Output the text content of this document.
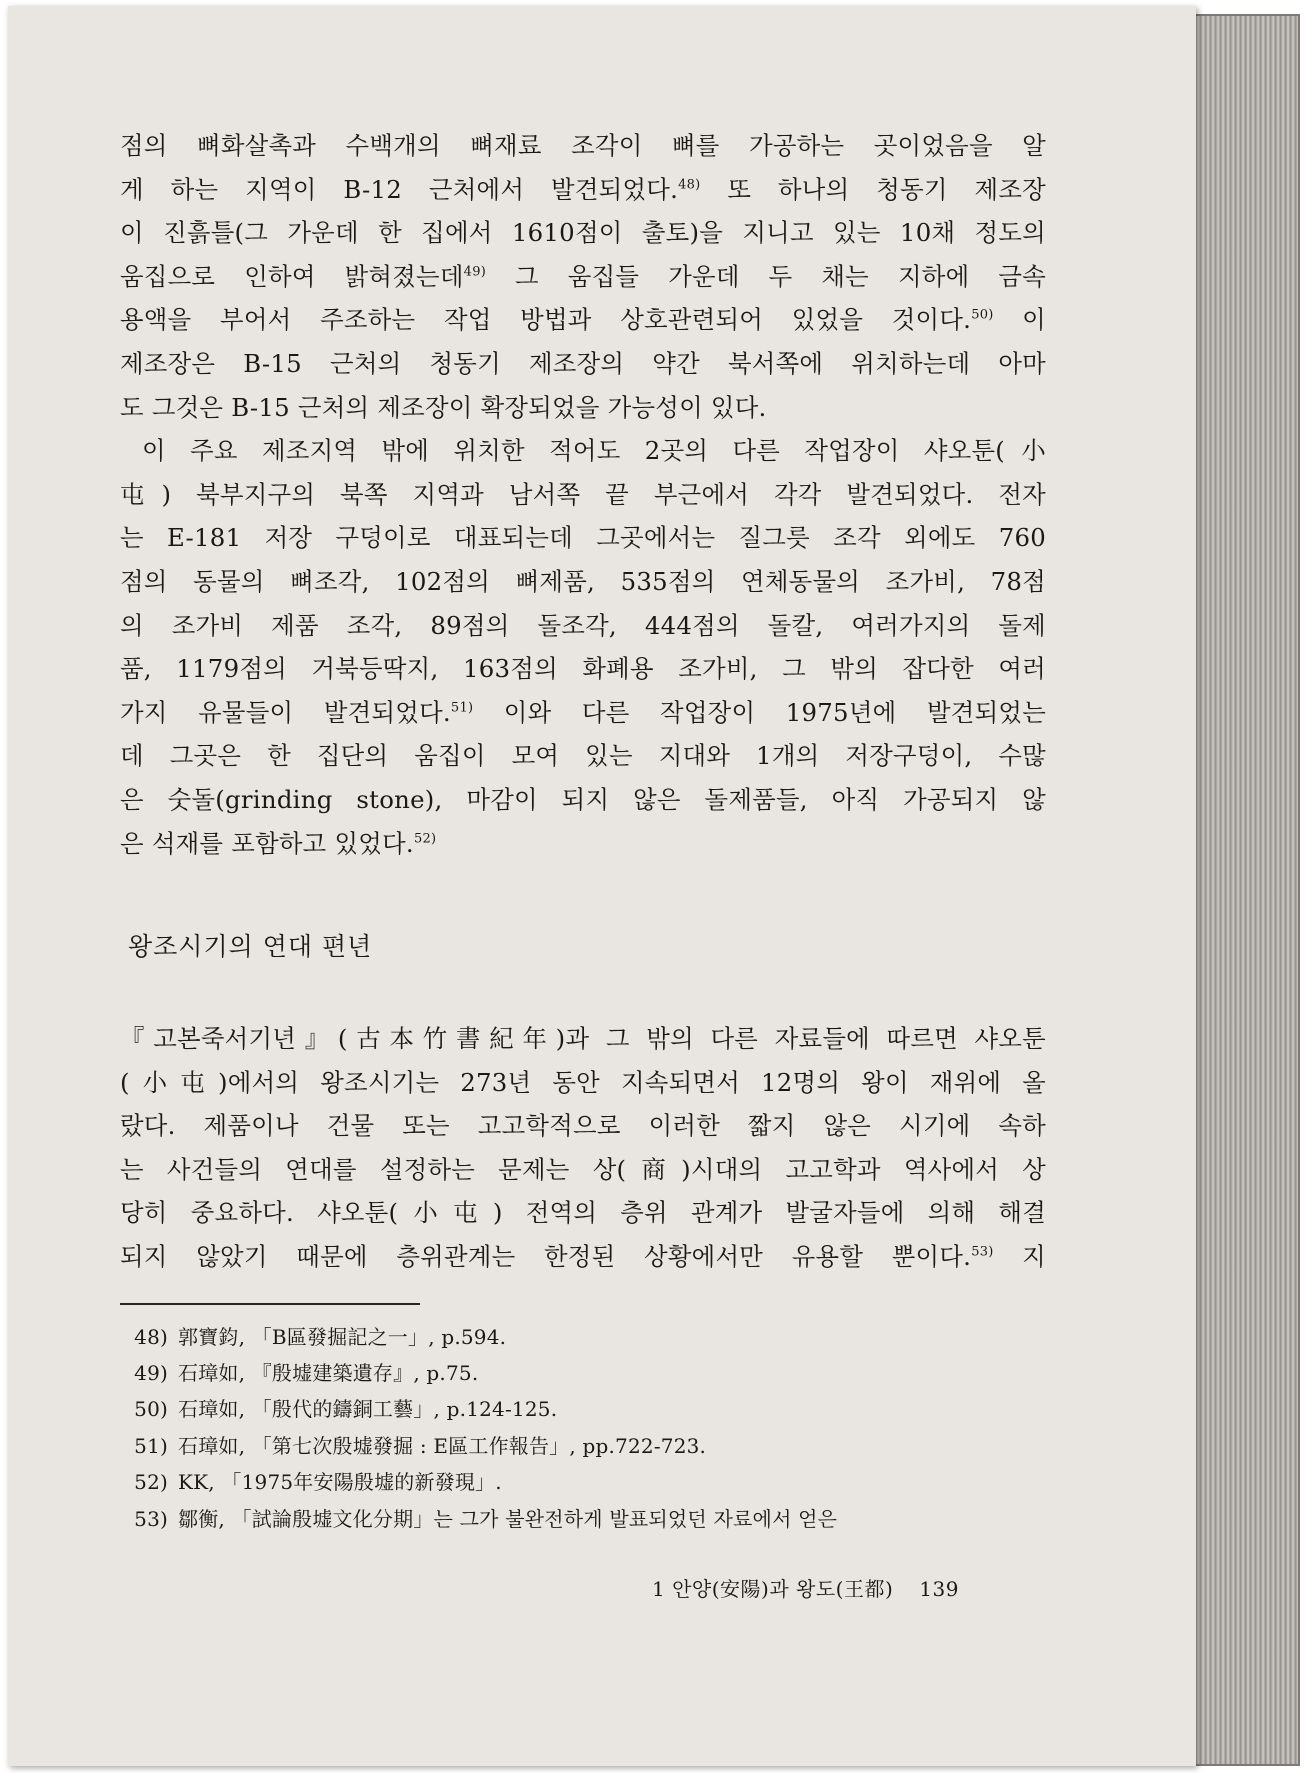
점의 뼈화살촉과 수백개의 뼈재료 조각이 뼈를 가공하는 곳이었음을 알
게 하는 지역이 B-12 근처에서 발견되었다.$^{48)}$ 또 하나의 청동기 제조장
이 진흙틀(그 가운데 한 집에서 1610점이 출토)을 지니고 있는 10채 정도의
움집으로 인하여 밝혀졌는데$^{49)}$ 그 움집들 가운데 두 채는 지하에 금속
용액을 부어서 주조하는 작업 방법과 상호관련되어 있었을 것이다.$^{50)}$ 이
제조장은 B-15 근처의 청동기 제조장의 약간 북서쪽에 위치하는데 아마
도 그것은 B-15 근처의 제조장이 확장되었을 가능성이 있다.
이 주요 제조지역 밖에 위치한 적어도 2곳의 다른 작업장이 샤오툰(小
屯) 북부지구의 북쪽 지역과 남서쪽 끝 부근에서 각각 발견되었다. 전자
는 E-181 저장 구덩이로 대표되는데 그곳에서는 질그릇 조각 외에도 760
점의 동물의 뼈조각, 102점의 뼈제품, 535점의 연체동물의 조가비, 78점
의 조가비 제품 조각, 89점의 돌조각, 444점의 돌칼, 여러가지의 돌제
품, 1179점의 거북등딱지, 163점의 화폐용 조가비, 그 밖의 잡다한 여러
가지 유물들이 발견되었다.$^{51)}$ 이와 다른 작업장이 1975년에 발견되었는
데 그곳은 한 집단의 움집이 모여 있는 지대와 1개의 저장구덩이, 수많
은 숫돌(grinding stone), 마감이 되지 않은 돌제품들, 아직 가공되지 않
은 석재를 포함하고 있었다.$^{52)}$
왕조시기의 연대 편년
『고본죽서기년』(古本竹書紀年)과 그 밖의 다른 자료들에 따르면 샤오툰
(小屯)에서의 왕조시기는 273년 동안 지속되면서 12명의 왕이 재위에 올
랐다. 제품이나 건물 또는 고고학적으로 이러한 짧지 않은 시기에 속하
는 사건들의 연대를 설정하는 문제는 상(商)시대의 고고학과 역사에서 상
당히 중요하다. 샤오툰(小屯) 전역의 층위 관계가 발굴자들에 의해 해결
되지 않았기 때문에 층위관계는 한정된 상황에서만 유용할 뿐이다.$^{53)}$ 지
48) 郭寶鈞, 「B區發掘記之一」, p.594.
49) 石璋如, 『殷墟建築遺存』, p.75.
50) 石璋如, 「殷代的鑄銅工藝」, p.124-125.
51) 石璋如, 「第七次殷墟發掘 : E區工作報告」, pp.722-723.
52) KK, 「1975年安陽殷墟的新發現」.
53) 鄒衡, 「試論殷墟文化分期」는 그가 불완전하게 발표되었던 자료에서 얻은
1 안양(安陽)과 왕도(王都) 139
